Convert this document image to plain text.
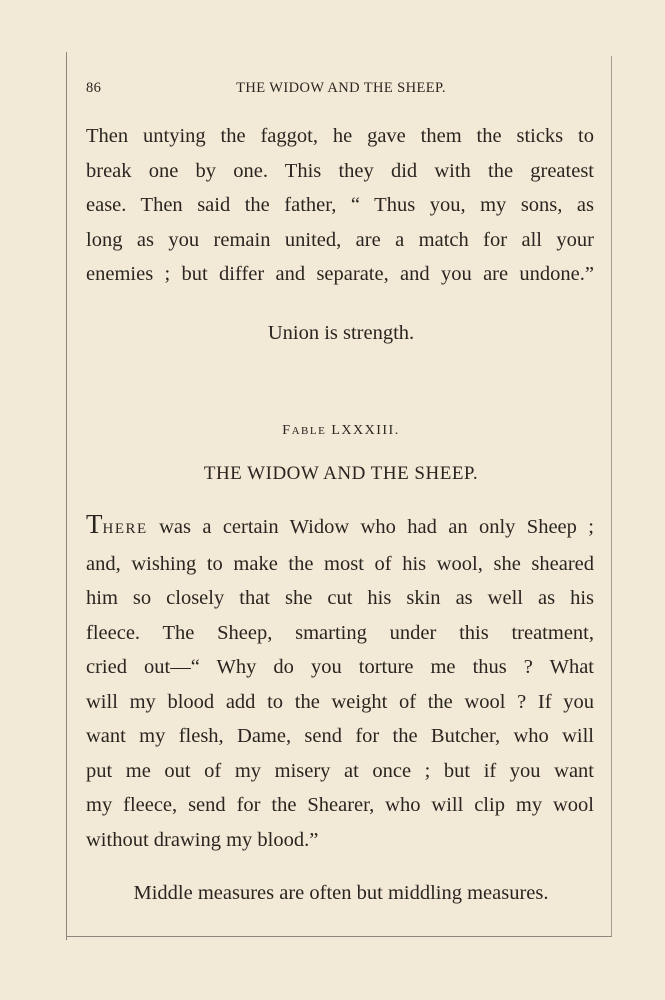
86	THE WIDOW AND THE SHEEP.
Then untying the faggot, he gave them the sticks to
break one by one. This they did with the greatest
ease. Then said the father, “ Thus you, my sons, as
long as you remain united, are a match for all your
enemies ; but differ and separate, and you are undone.”
Union is strength.
FABLE LXXXIII.
THE WIDOW AND THE SHEEP.
THERE was a certain Widow who had an only Sheep ;
and, wishing to make the most of his wool, she sheared
him so closely that she cut his skin as well as his
fleece. The Sheep, smarting under this treatment,
cried out—“ Why do you torture me thus ? What
will my blood add to the weight of the wool ? If you
want my flesh, Dame, send for the Butcher, who will
put me out of my misery at once ; but if you want
my fleece, send for the Shearer, who will clip my wool
without drawing my blood.”
Middle measures are often but middling measures.
